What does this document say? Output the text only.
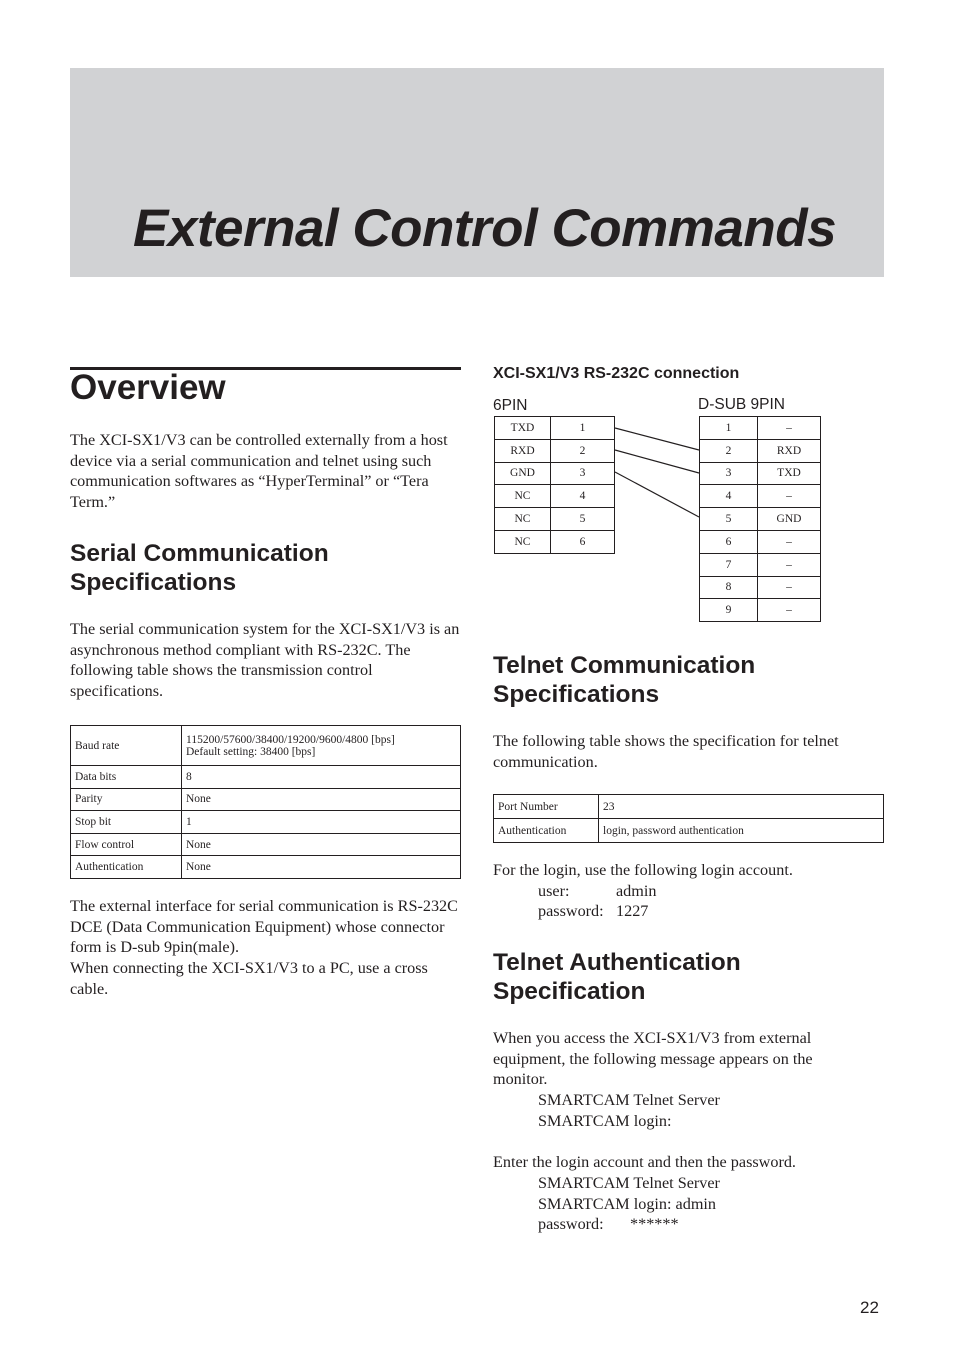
External Control Commands
Overview

The XCI-SX1/V3 can be controlled externally from a host device via a serial communication and telnet using such communication softwares as “HyperTerminal” or “Tera Term.”

Serial Communication
Specifications

The serial communication system for the XCI-SX1/V3 is an asynchronous method compliant with RS-232C. The following table shows the transmission control specifications.

Baud rate	115200/57600/38400/19200/9600/4800 [bps]
Default setting: 38400 [bps]

Data bits	8
Parity	None
Stop bit	1
Flow control	None
Authentication	None

The external interface for serial communication is RS-232C DCE (Data Communication Equipment) whose connector form is D-sub 9pin(male).
When connecting the XCI-SX1/V3 to a PC, use a cross cable.

XCI-SX1/V3 RS-232C connection
6PIN	D-SUB 9PIN
TXD	1
RXD	2
GND	3
NC	4
NC	5
NC	6
1	–
2	RXD
3	TXD
4	–
5	GND
6	–
7	–
8	–
9	–
Telnet Communication
Specifications

The following table shows the specification for telnet communication.

Port Number	23
Authentication	login, password authentication
For the login, use the following login account.
user:	admin
password: 1227
Telnet Authentication
Specification
When you access the XCI-SX1/V3 from external equipment, the following message appears on the monitor.
SMARTCAM Telnet Server
SMARTCAM login:
Enter the login account and then the password.
SMARTCAM Telnet Server
SMARTCAM login: admin
password: ******
22
